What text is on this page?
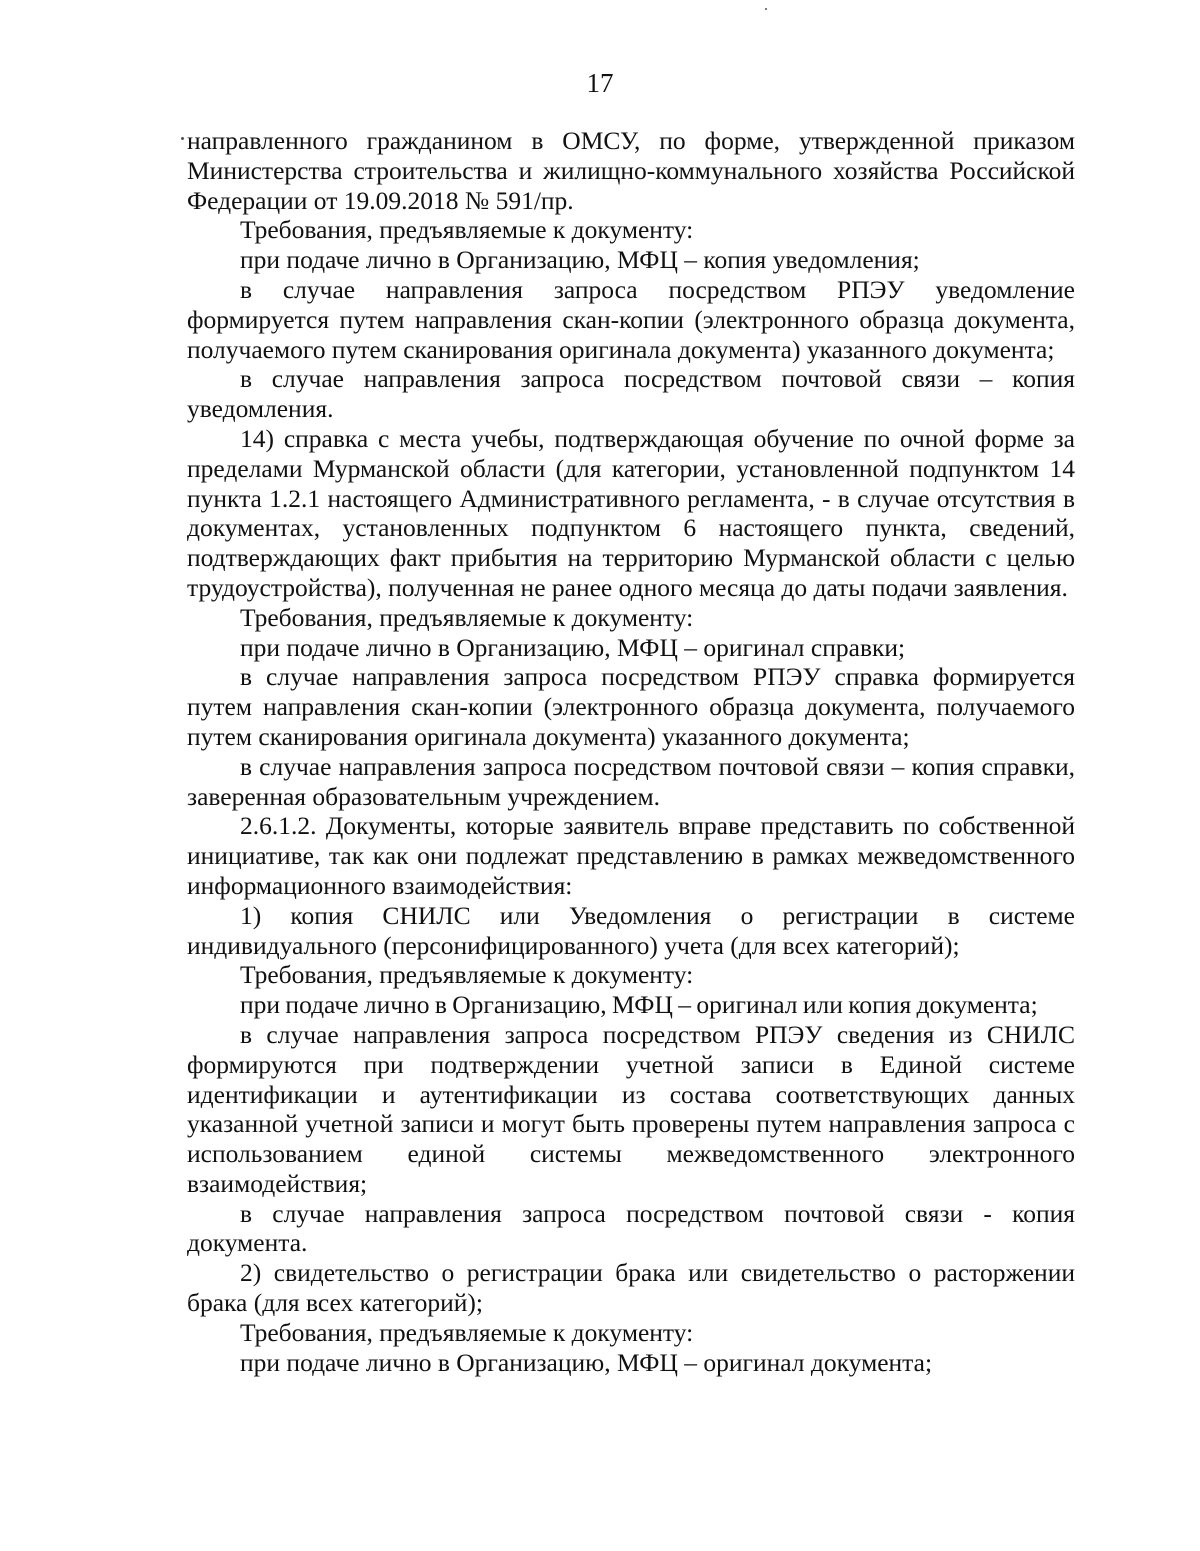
17

направленного гражданином в ОМСУ, по форме, утвержденной приказом Министерства строительства и жилищно-коммунального хозяйства Российской Федерации от 19.09.2018 № 591/пр.

Требования, предъявляемые к документу:

при подаче лично в Организацию, МФЦ – копия уведомления;

в случае направления запроса посредством РПЭУ уведомление формируется путем направления скан-копии (электронного образца документа, получаемого путем сканирования оригинала документа) указанного документа;

в случае направления запроса посредством почтовой связи – копия уведомления.

14) справка с места учебы, подтверждающая обучение по очной форме за пределами Мурманской области (для категории, установленной подпунктом 14 пункта 1.2.1 настоящего Административного регламента, - в случае отсутствия в документах, установленных подпунктом 6 настоящего пункта, сведений, подтверждающих факт прибытия на территорию Мурманской области с целью трудоустройства), полученная не ранее одного месяца до даты подачи заявления.

Требования, предъявляемые к документу:

при подаче лично в Организацию, МФЦ – оригинал справки;

в случае направления запроса посредством РПЭУ справка формируется путем направления скан-копии (электронного образца документа, получаемого путем сканирования оригинала документа) указанного документа;

в случае направления запроса посредством почтовой связи – копия справки, заверенная образовательным учреждением.

2.6.1.2. Документы, которые заявитель вправе представить по собственной инициативе, так как они подлежат представлению в рамках межведомственного информационного взаимодействия:

1) копия СНИЛС или Уведомления о регистрации в системе индивидуального (персонифицированного) учета (для всех категорий);

Требования, предъявляемые к документу:

при подаче лично в Организацию, МФЦ – оригинал или копия документа;

в случае направления запроса посредством РПЭУ сведения из СНИЛС формируются при подтверждении учетной записи в Единой системе идентификации и аутентификации из состава соответствующих данных указанной учетной записи и могут быть проверены путем направления запроса с использованием единой системы межведомственного электронного взаимодействия;

в случае направления запроса посредством почтовой связи - копия документа.

2) свидетельство о регистрации брака или свидетельство о расторжении брака (для всех категорий);

Требования, предъявляемые к документу:

при подаче лично в Организацию, МФЦ – оригинал документа;
